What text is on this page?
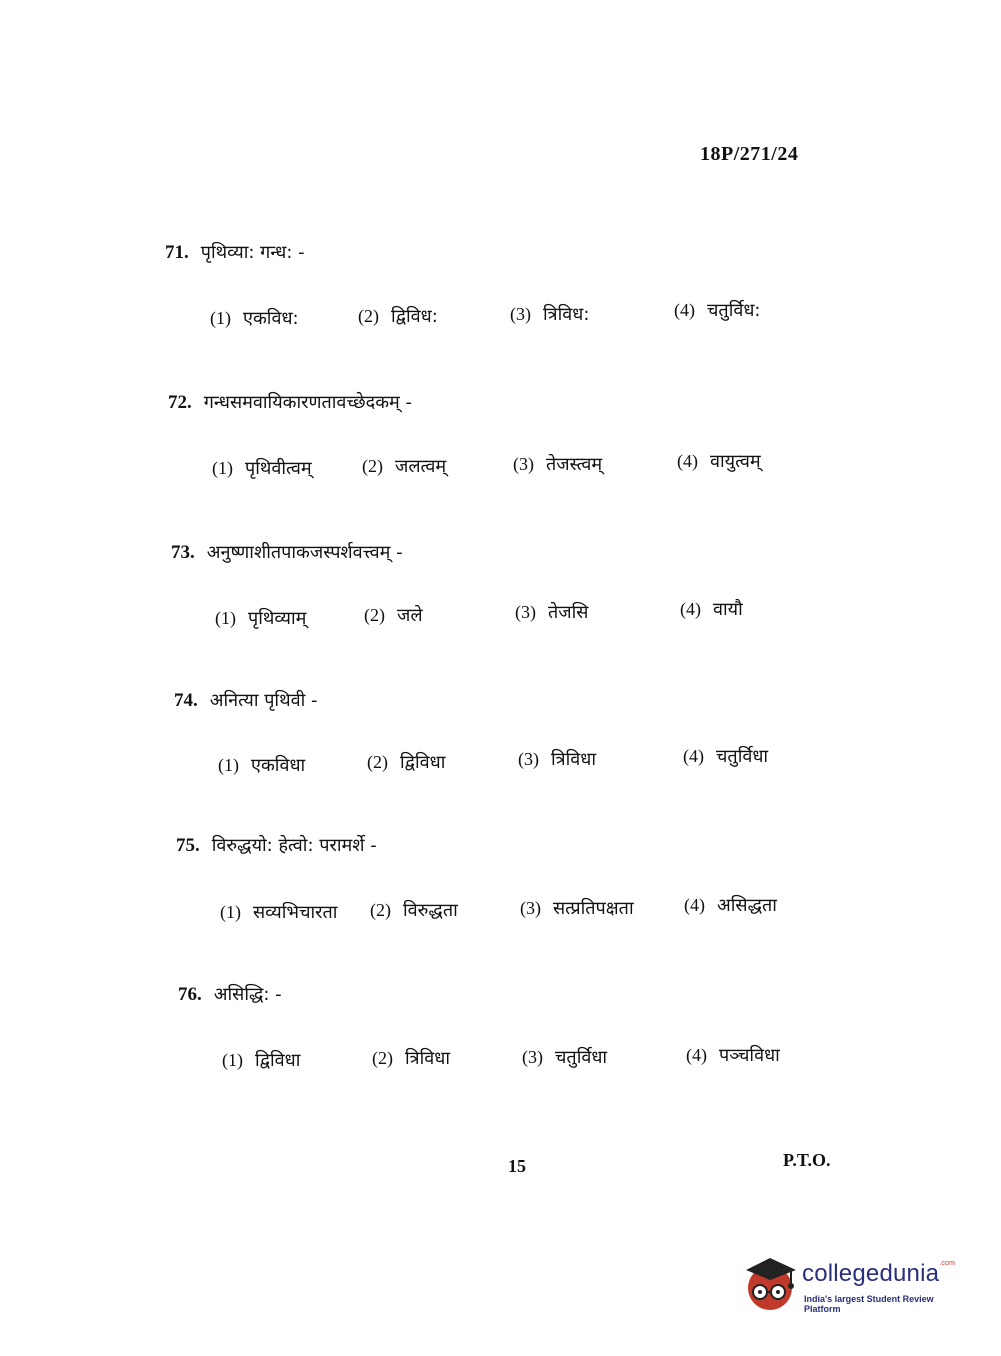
18P/271/24
71. पृथिव्या: गन्ध: -
(1) एकविध:	(2) द्विविध:	(3) त्रिविध:	(4) चतुर्विध:
72. गन्धसमवायिकारणतावच्छेदकम् -
(1) पृथिवीत्वम्	(2) जलत्वम्	(3) तेजस्त्वम्	(4) वायुत्वम्
73. अनुष्णाशीतपाकजस्पर्शवत्त्वम् -
(1) पृथिव्याम्	(2) जले	(3) तेजसि	(4) वायौ
74. अनित्या पृथिवी -
(1) एकविधा	(2) द्विविधा	(3) त्रिविधा	(4) चतुर्विधा
75. विरुद्धयो: हेत्वो: परामर्शे -
(1) सव्यभिचारता (2) विरुद्धता	(3) सत्प्रतिपक्षता	(4) असिद्धता
76. असिद्धि: -
(1) द्विविधा	(2) त्रिविधा	(3) चतुर्विधा	(4) पञ्चविधा
15	P.T.O.
collegedunia$^{.com}$
India's largest Student Review Platform
